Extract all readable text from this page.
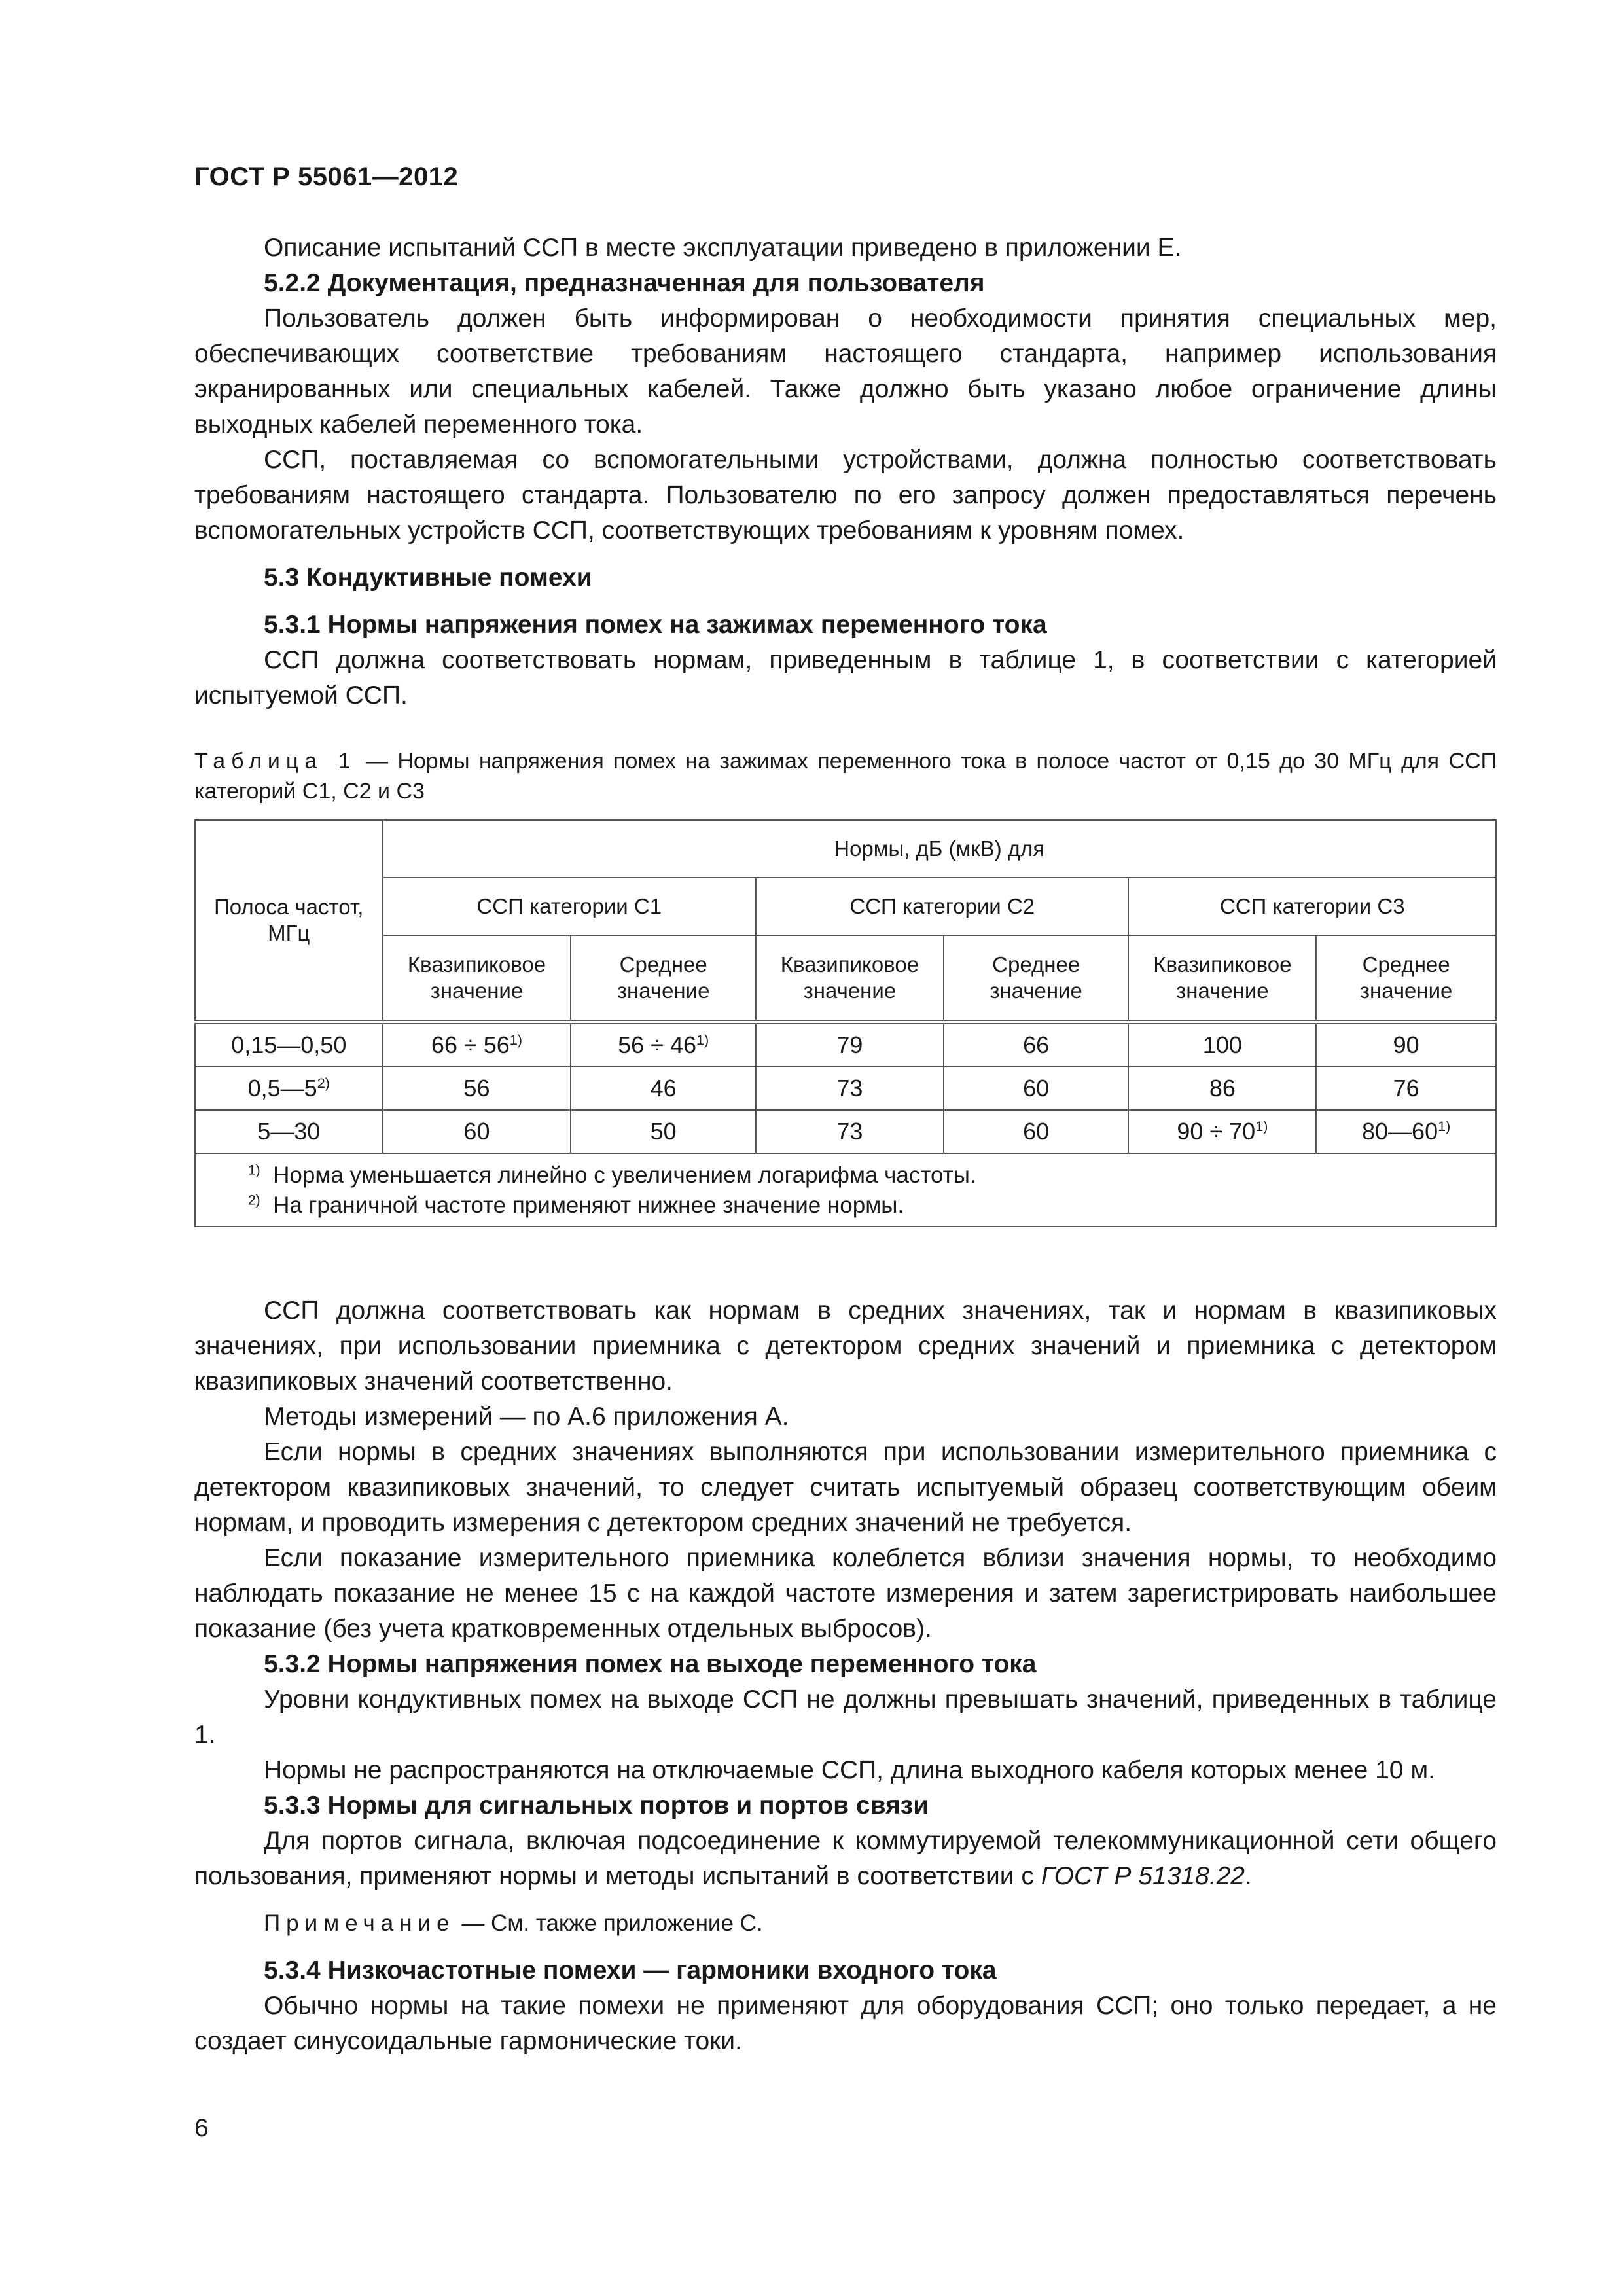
ГОСТ Р 55061—2012

Описание испытаний ССП в месте эксплуатации приведено в приложении Е.

5.2.2 Документация, предназначенная для пользователя

Пользователь должен быть информирован о необходимости принятия специальных мер, обеспечивающих соответствие требованиям настоящего стандарта, например использования экранированных или специальных кабелей. Также должно быть указано любое ограничение длины выходных кабелей переменного тока.

ССП, поставляемая со вспомогательными устройствами, должна полностью соответствовать требованиям настоящего стандарта. Пользователю по его запросу должен предоставляться перечень вспомогательных устройств ССП, соответствующих требованиям к уровням помех.

5.3 Кондуктивные помехи

5.3.1 Нормы напряжения помех на зажимах переменного тока

ССП должна соответствовать нормам, приведенным в таблице 1, в соответствии с категорией испытуемой ССП.

Таблица 1 — Нормы напряжения помех на зажимах переменного тока в полосе частот от 0,15 до 30 МГц для ССП категорий С1, С2 и С3
Полоса частот, МГц	Нормы, дБ (мкВ) для					
	ССП категории С1		ССП категории С2		ССП категории С3	
	Квазипиковое значение	Среднее значение	Квазипиковое значение	Среднее значение	Квазипиковое значение	Среднее значение
0,15—0,50	$66 \div 56^{1)}$	$56 \div 46^{1)}$	79	66	100	90
0,5—5$^{2)}$	56	46	73	60	86	76
5—30	60	50	73	60	$90 \div 70^{1)}$	80—60$^{1)}$

$^{1)}$ Норма уменьшается линейно с увеличением логарифма частоты.
$^{2)}$ На граничной частоте применяют нижнее значение нормы.						

ССП должна соответствовать как нормам в средних значениях, так и нормам в квазипиковых значениях, при использовании приемника с детектором средних значений и приемника с детектором квазипиковых значений соответственно.

Методы измерений — по А.6 приложения А.

Если нормы в средних значениях выполняются при использовании измерительного приемника с детектором квазипиковых значений, то следует считать испытуемый образец соответствующим обеим нормам, и проводить измерения с детектором средних значений не требуется.

Если показание измерительного приемника колеблется вблизи значения нормы, то необходимо наблюдать показание не менее 15 с на каждой частоте измерения и затем зарегистрировать наибольшее показание (без учета кратковременных отдельных выбросов).

5.3.2 Нормы напряжения помех на выходе переменного тока

Уровни кондуктивных помех на выходе ССП не должны превышать значений, приведенных в таблице 1.

Нормы не распространяются на отключаемые ССП, длина выходного кабеля которых менее 10 м.

5.3.3 Нормы для сигнальных портов и портов связи

Для портов сигнала, включая подсоединение к коммутируемой телекоммуникационной сети общего пользования, применяют нормы и методы испытаний в соответствии с ГОСТ Р 51318.22.

Примечание — См. также приложение С.

5.3.4 Низкочастотные помехи — гармоники входного тока

Обычно нормы на такие помехи не применяют для оборудования ССП; оно только передает, а не создает синусоидальные гармонические токи.

6
